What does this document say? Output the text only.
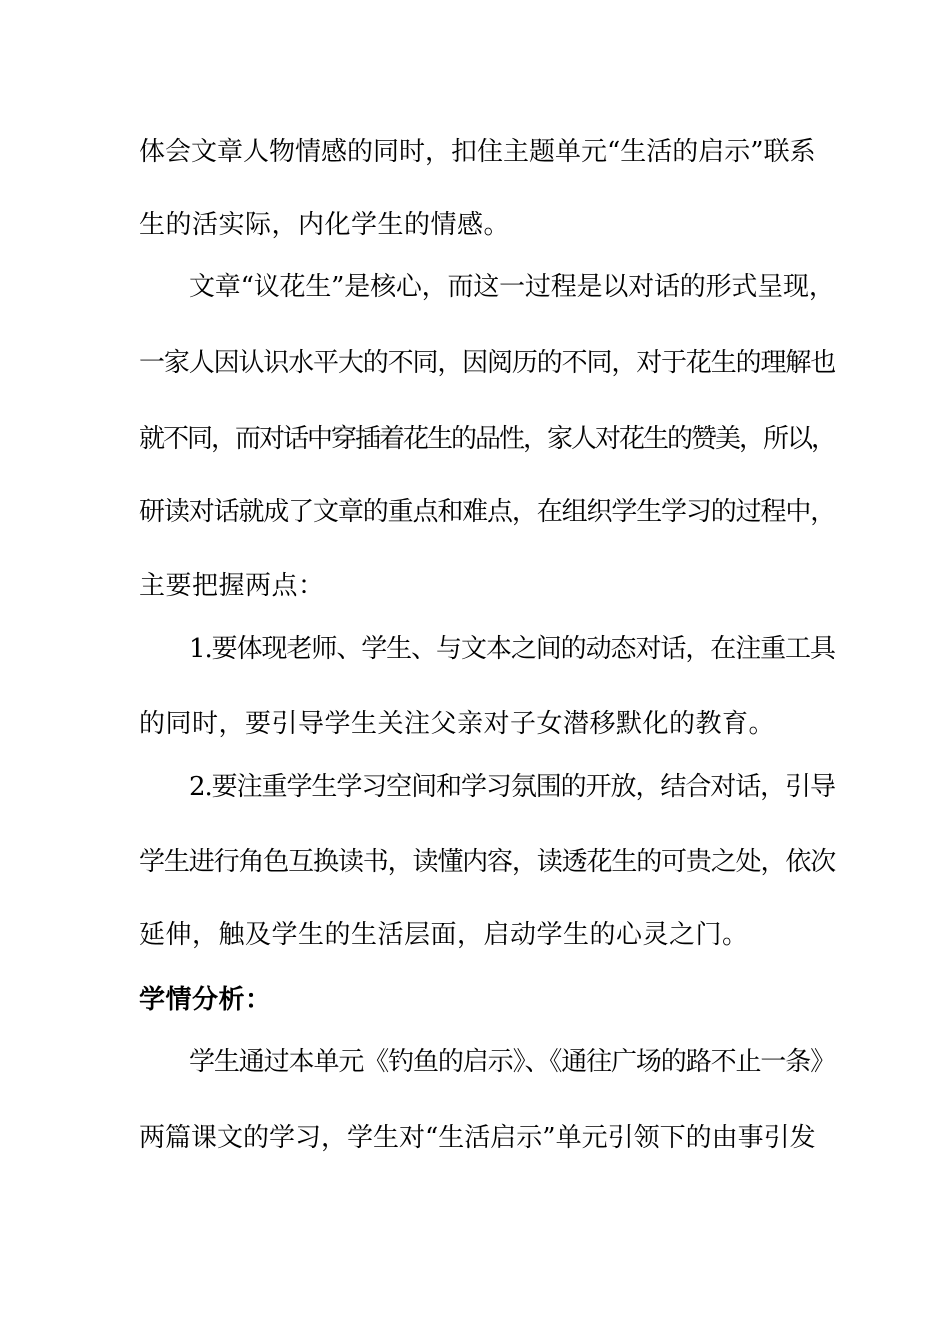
体会文章人物情感的同时，扣住主题单元“生活的启示”联系
生的活实际，内化学生的情感。
文章“议花生”是核心，而这一过程是以对话的形式呈现，
一家人因认识水平大的不同，因阅历的不同，对于花生的理解也
就不同，而对话中穿插着花生的品性，家人对花生的赞美，所以，
研读对话就成了文章的重点和难点，在组织学生学习的过程中，
主要把握两点：
1.要体现老师、学生、与文本之间的动态对话，在注重工具
的同时，要引导学生关注父亲对子女潜移默化的教育。
2.要注重学生学习空间和学习氛围的开放，结合对话，引导
学生进行角色互换读书，读懂内容，读透花生的可贵之处，依次
延伸，触及学生的生活层面，启动学生的心灵之门。
学情分析：
学生通过本单元《钓鱼的启示》、《通往广场的路不止一条》
两篇课文的学习，学生对“生活启示”单元引领下的由事引发
